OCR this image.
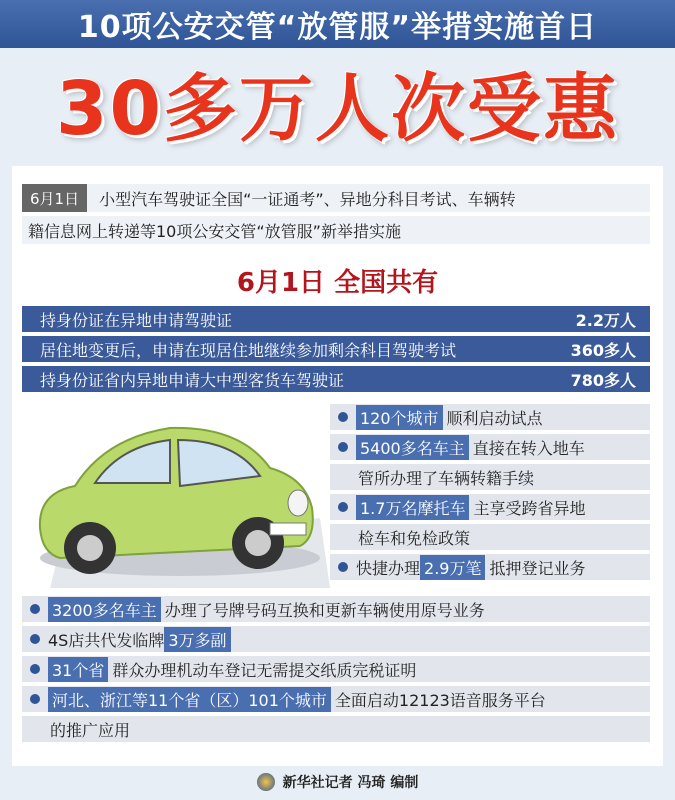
10项公安交管“放管服”举措实施首日
30多万人次受惠
6月1日	小型汽车驾驶证全国“一证通考”、异地分科目考试、车辆转
籍信息网上转递等10项公安交管“放管服”新举措实施
6月1日 全国共有
持身份证在异地申请驾驶证	2.2万人
居住地变更后，申请在现居住地继续参加剩余科目驾驶考试	360多人
持身份证省内异地申请大中型客货车驾驶证	780多人
120个城市 顺利启动试点
5400多名车主 直接在转入地车
管所办理了车辆转籍手续
1.7万名摩托车 主享受跨省异地
检车和免检政策
快捷办理 2.9万笔 抵押登记业务
3200多名车主 办理了号牌号码互换和更新车辆使用原号业务
4S店共代发临牌 3万多副
31个省 群众办理机动车登记无需提交纸质完税证明
河北、浙江等11个省（区）101个城市 全面启动12123语音服务平台
的推广应用
新华社记者 冯琦 编制
